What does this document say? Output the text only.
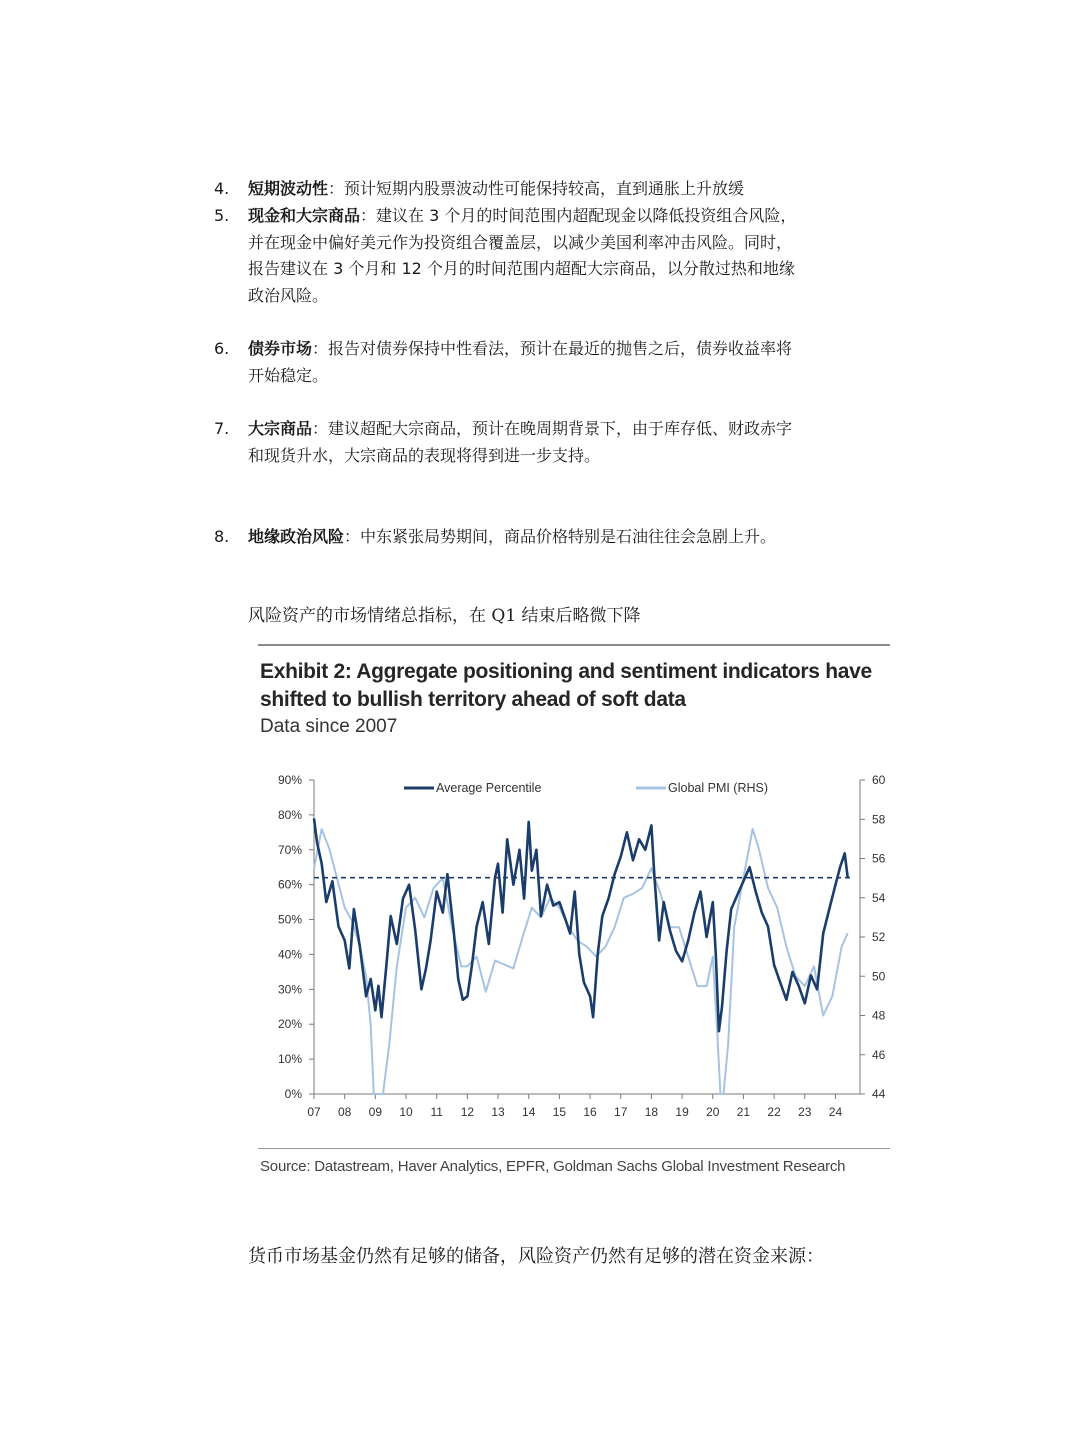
4.	短期波动性：预计短期内股票波动性可能保持较高，直到通胀上升放缓
5.	现金和大宗商品：建议在 3 个月的时间范围内超配现金以降低投资组合风险，
并在现金中偏好美元作为投资组合覆盖层，以减少美国利率冲击风险。同时，
报告建议在 3 个月和 12 个月的时间范围内超配大宗商品，以分散过热和地缘
政治风险。
6.	债券市场：报告对债券保持中性看法，预计在最近的抛售之后，债券收益率将
开始稳定。
7.	大宗商品：建议超配大宗商品，预计在晚周期背景下，由于库存低、财政赤字
和现货升水，大宗商品的表现将得到进一步支持。
8.	地缘政治风险：中东紧张局势期间，商品价格特别是石油往往会急剧上升。
风险资产的市场情绪总指标，在 Q1 结束后略微下降
Exhibit 2: Aggregate positioning and sentiment indicators have
shifted to bullish territory ahead of soft data
Data since 2007
0%
10%
20%
30%
40%
50%
60%
70%
80%
90%
44
46
48
50
52
54
56
58
60
07 08 09 10 11 12 13 14 15 16 17 18 19 20 21 22 23 24
Average Percentile	Global PMI (RHS)
Source: Datastream, Haver Analytics, EPFR, Goldman Sachs Global Investment Research
货币市场基金仍然有足够的储备，风险资产仍然有足够的潜在资金来源：
